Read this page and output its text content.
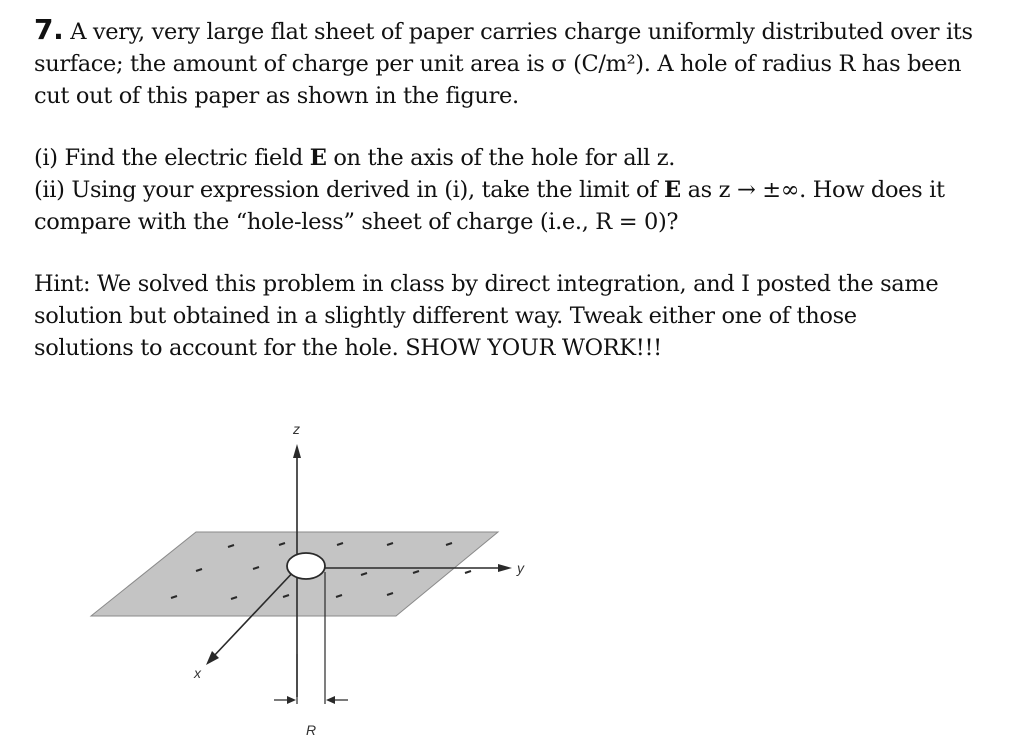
7. A very, very large flat sheet of paper carries charge uniformly distributed over its
surface; the amount of charge per unit area is σ (C/m²). A hole of radius R has been
cut out of this paper as shown in the figure.

(i) Find the electric field E on the axis of the hole for all z.
(ii) Using your expression derived in (i), take the limit of E as z → ±∞. How does it
compare with the “hole-less” sheet of charge (i.e., R = 0)?

Hint: We solved this problem in class by direct integration, and I posted the same
solution but obtained in a slightly different way. Tweak either one of those
solutions to account for the hole. SHOW YOUR WORK!!!

z
y
x
R
